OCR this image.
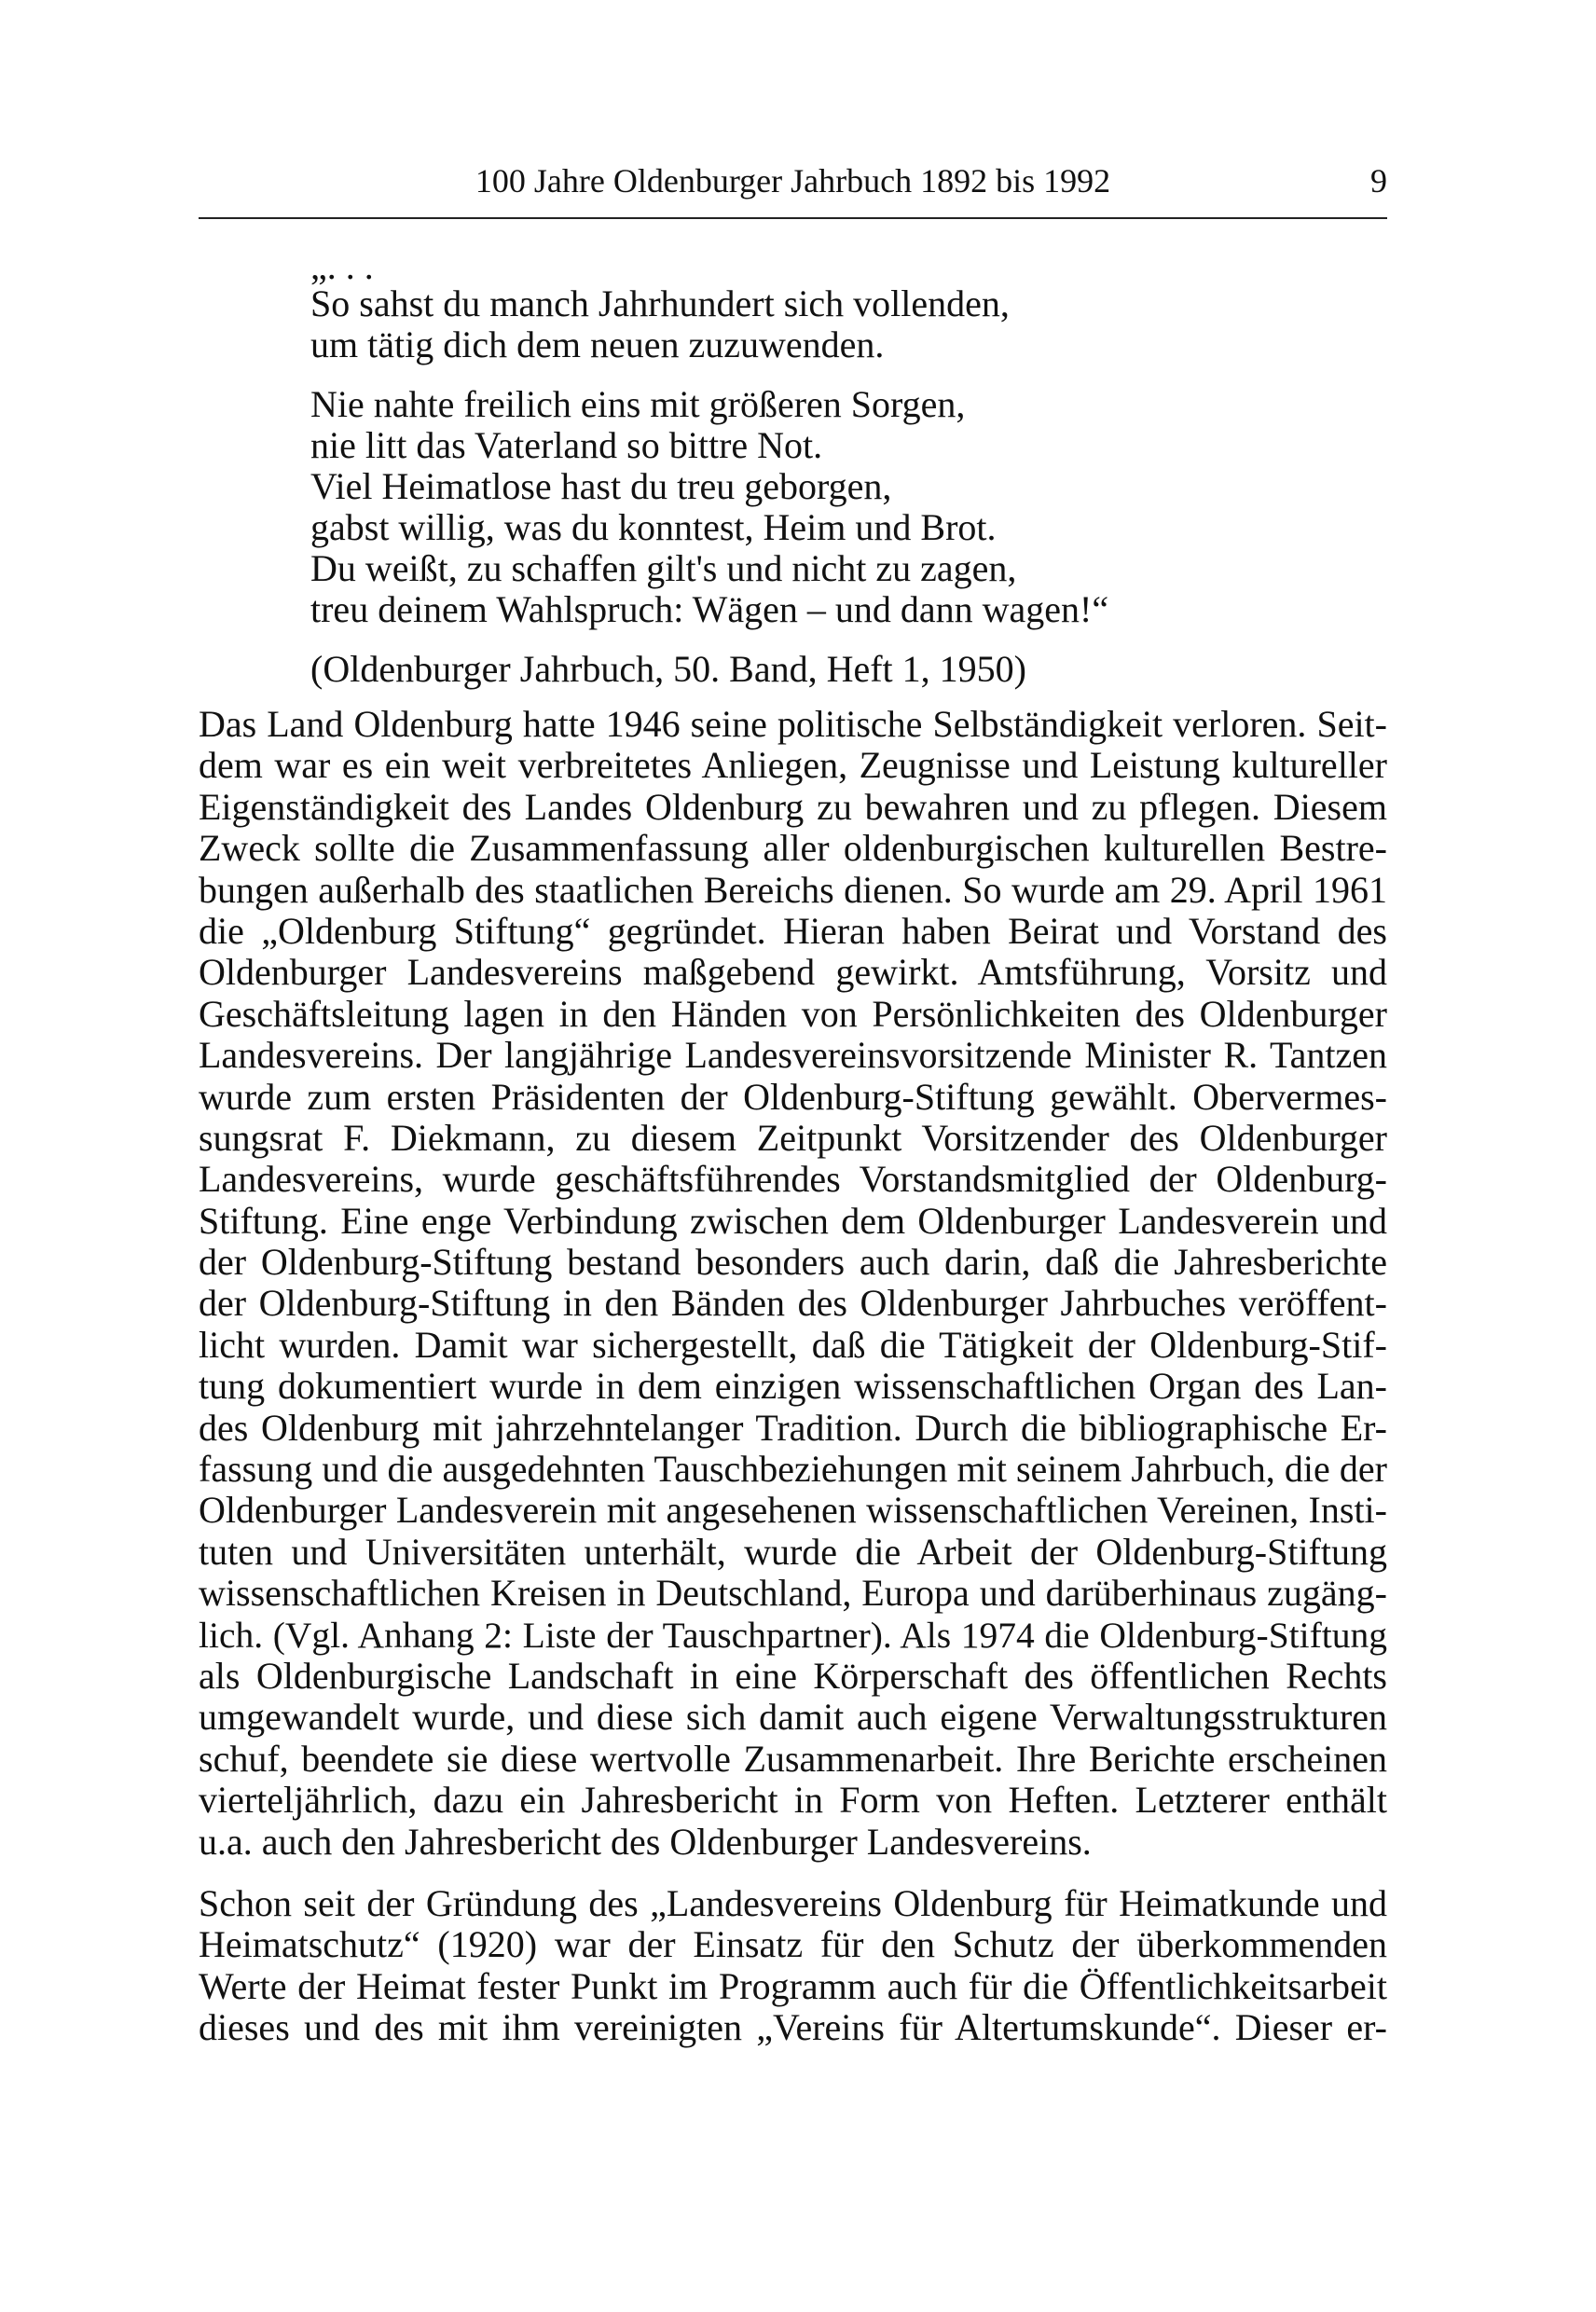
100 Jahre Oldenburger Jahrbuch 1892 bis 1992	9
„. . .
So sahst du manch Jahrhundert sich vollenden,
um tätig dich dem neuen zuzuwenden.
Nie nahte freilich eins mit größeren Sorgen,
nie litt das Vaterland so bittre Not.
Viel Heimatlose hast du treu geborgen,
gabst willig, was du konntest, Heim und Brot.
Du weißt, zu schaffen gilt's und nicht zu zagen,
treu deinem Wahlspruch: Wägen – und dann wagen!“
(Oldenburger Jahrbuch, 50. Band, Heft 1, 1950)
Das Land Oldenburg hatte 1946 seine politische Selbständigkeit verloren. Seit-
dem war es ein weit verbreitetes Anliegen, Zeugnisse und Leistung kultureller
Eigenständigkeit des Landes Oldenburg zu bewahren und zu pflegen. Diesem
Zweck sollte die Zusammenfassung aller oldenburgischen kulturellen Bestre-
bungen außerhalb des staatlichen Bereichs dienen. So wurde am 29. April 1961
die „Oldenburg Stiftung“ gegründet. Hieran haben Beirat und Vorstand des
Oldenburger Landesvereins maßgebend gewirkt. Amtsführung, Vorsitz und
Geschäftsleitung lagen in den Händen von Persönlichkeiten des Oldenburger
Landesvereins. Der langjährige Landesvereinsvorsitzende Minister R. Tantzen
wurde zum ersten Präsidenten der Oldenburg-Stiftung gewählt. Obervermes-
sungsrat F. Diekmann, zu diesem Zeitpunkt Vorsitzender des Oldenburger
Landesvereins, wurde geschäftsführendes Vorstandsmitglied der Oldenburg-
Stiftung. Eine enge Verbindung zwischen dem Oldenburger Landesverein und
der Oldenburg-Stiftung bestand besonders auch darin, daß die Jahresberichte
der Oldenburg-Stiftung in den Bänden des Oldenburger Jahrbuches veröffent-
licht wurden. Damit war sichergestellt, daß die Tätigkeit der Oldenburg-Stif-
tung dokumentiert wurde in dem einzigen wissenschaftlichen Organ des Lan-
des Oldenburg mit jahrzehntelanger Tradition. Durch die bibliographische Er-
fassung und die ausgedehnten Tauschbeziehungen mit seinem Jahrbuch, die der
Oldenburger Landesverein mit angesehenen wissenschaftlichen Vereinen, Insti-
tuten und Universitäten unterhält, wurde die Arbeit der Oldenburg-Stiftung
wissenschaftlichen Kreisen in Deutschland, Europa und darüberhinaus zugäng-
lich. (Vgl. Anhang 2: Liste der Tauschpartner). Als 1974 die Oldenburg-Stiftung
als Oldenburgische Landschaft in eine Körperschaft des öffentlichen Rechts
umgewandelt wurde, und diese sich damit auch eigene Verwaltungsstrukturen
schuf, beendete sie diese wertvolle Zusammenarbeit. Ihre Berichte erscheinen
vierteljährlich, dazu ein Jahresbericht in Form von Heften. Letzterer enthält
u.a. auch den Jahresbericht des Oldenburger Landesvereins.
Schon seit der Gründung des „Landesvereins Oldenburg für Heimatkunde und
Heimatschutz“ (1920) war der Einsatz für den Schutz der überkommenden
Werte der Heimat fester Punkt im Programm auch für die Öffentlichkeitsarbeit
dieses und des mit ihm vereinigten „Vereins für Altertumskunde“. Dieser er-
